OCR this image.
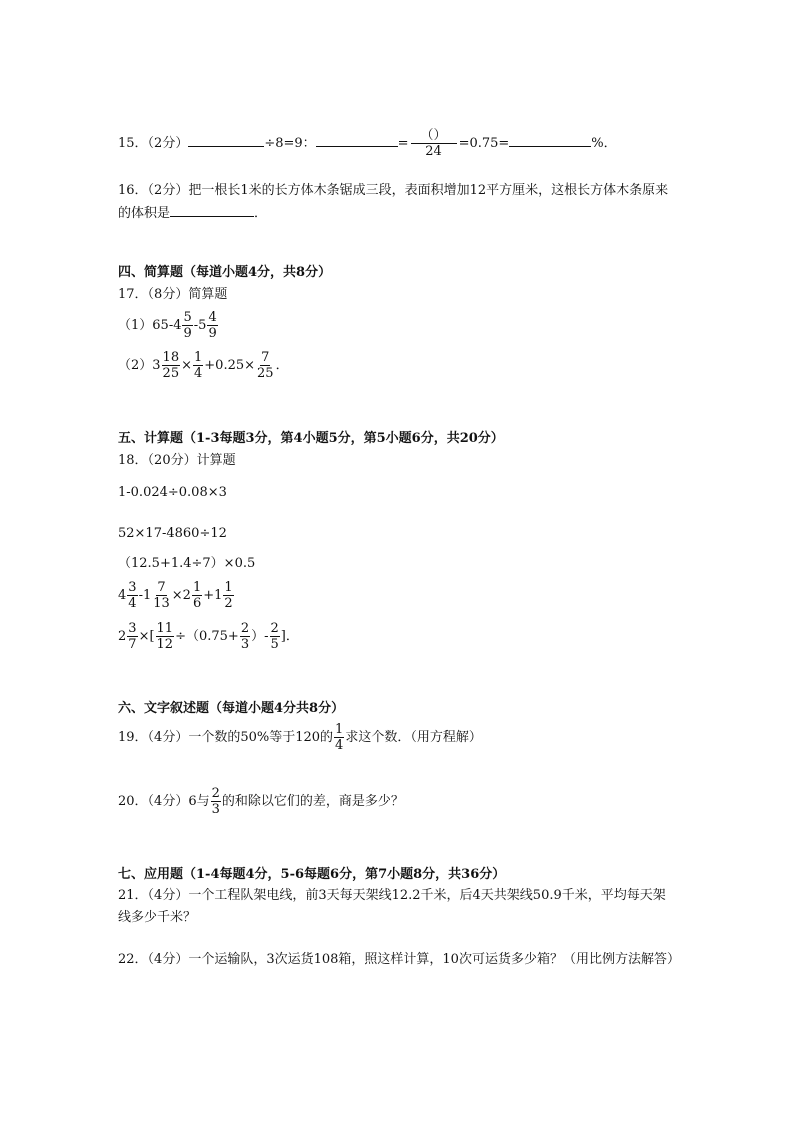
15．（2分）	÷8=9：	= $\frac{()}{24} =0.75=$	%．
16．（2分）把一根长1米的长方体木条锯成三段，表面积增加12平方厘米，这根长方体木条原来的体积是	．
四、简算题（每道小题4分，共8分）
17．（8分）简算题
$(1)65-4 \frac{5}{9} -5 \frac{4}{9}$
$(2)3 \frac{18}{25} \times \frac{1}{4} +0.25\times \frac{7}{25}$ ．
五、计算题（1-3每题3分，第4小题5分，第5小题6分，共20分）
18．（20分）计算题
1-0.024÷0.08×3
52×17-4860÷12
（12.5+1.4÷7）×0.5
$4 \frac{3}{4} -1 \frac{7}{13} \times 2 \frac{1}{6} +1 \frac{1}{2}$
$2 \frac{3}{7}$ ×[ $\frac{11}{12} \div(0.75+ \frac{2}{3}$ ）- $\frac{2}{5}$ ]．
六、文字叙述题（每道小题4分共8分）
19．（4分）一个数的50%等于120的 $\frac{1}{4}$ 求这个数．（用方程解）
20．（4分）6与 $\frac{2}{3}$ 的和除以它们的差，商是多少？
七、应用题（1-4每题4分，5-6每题6分，第7小题8分，共36分）
21．（4分）一个工程队架电线，前3天每天架线12.2千米，后4天共架线50.9千米，平均每天架线多少千米？
22．（4分）一个运输队，3次运货108箱，照这样计算，10次可运货多少箱？（用比例方法解答）
